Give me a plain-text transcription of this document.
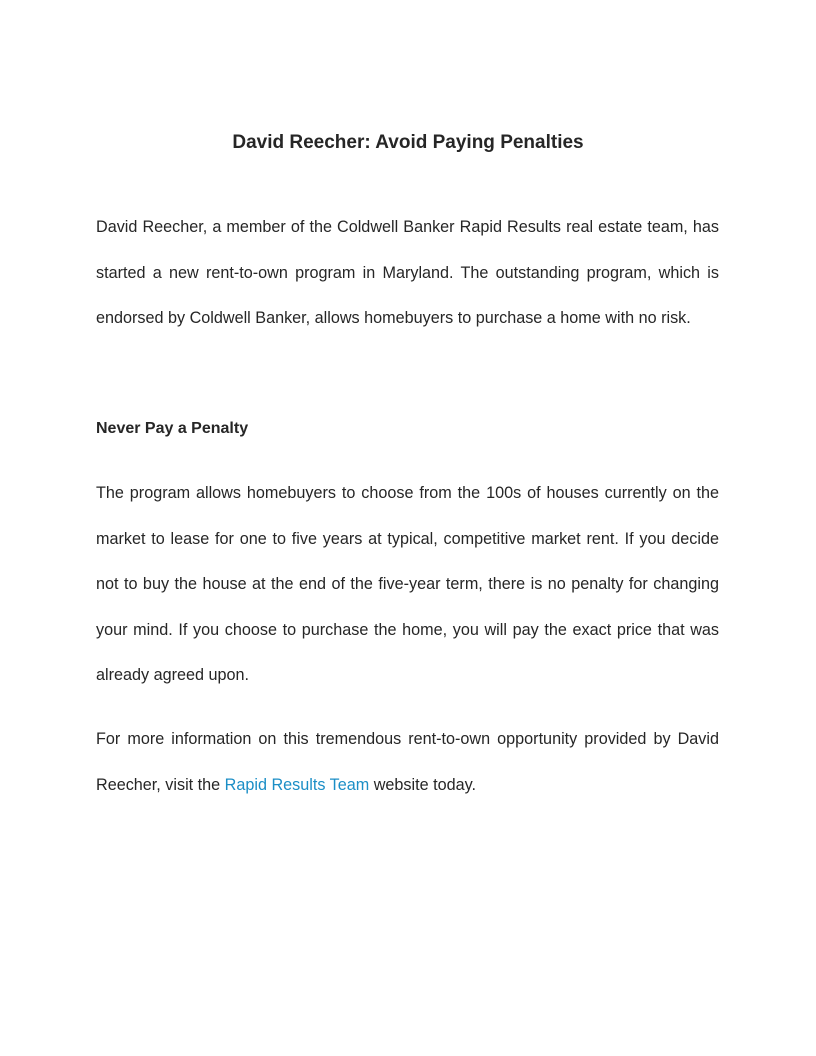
David Reecher: Avoid Paying Penalties

David Reecher, a member of the Coldwell Banker Rapid Results real estate team, has started a new rent-to-own program in Maryland. The outstanding program, which is endorsed by Coldwell Banker, allows homebuyers to purchase a home with no risk.

Never Pay a Penalty

The program allows homebuyers to choose from the 100s of houses currently on the market to lease for one to five years at typical, competitive market rent. If you decide not to buy the house at the end of the five-year term, there is no penalty for changing your mind. If you choose to purchase the home, you will pay the exact price that was already agreed upon.

For more information on this tremendous rent-to-own opportunity provided by David Reecher, visit the Rapid Results Team website today.
